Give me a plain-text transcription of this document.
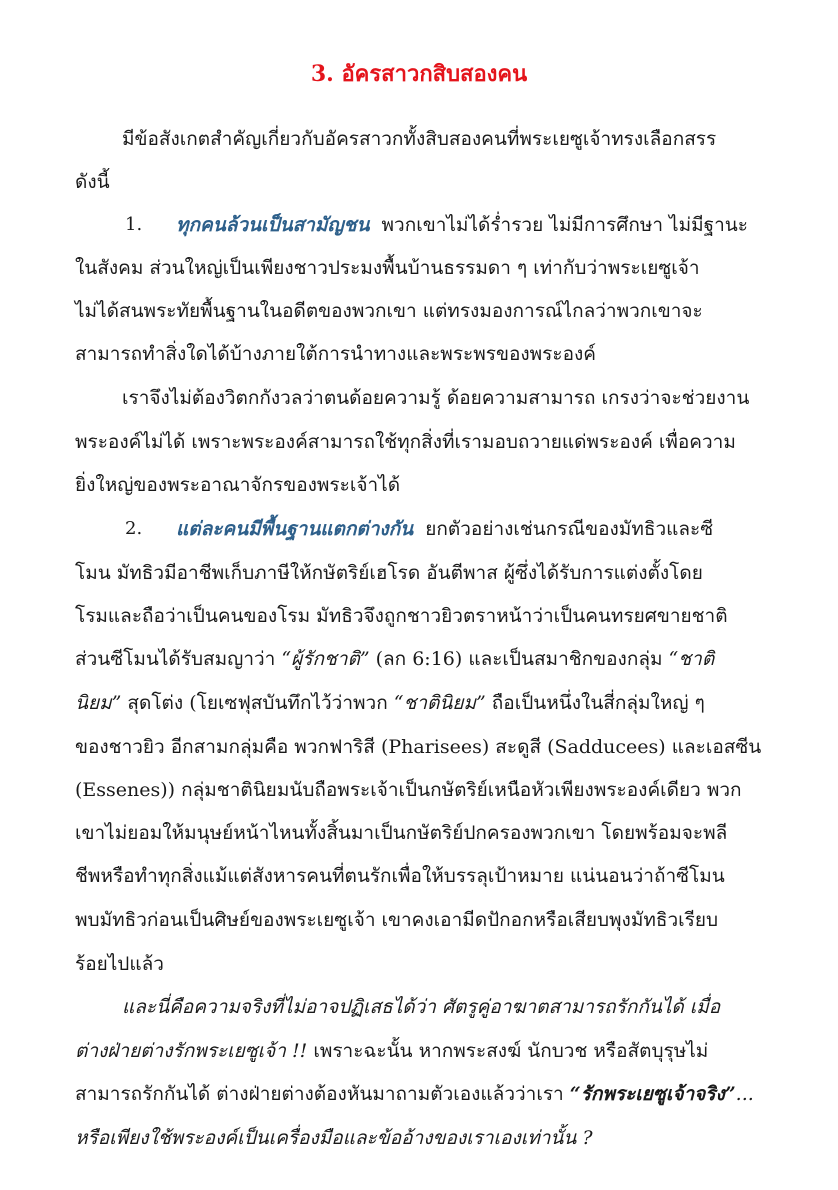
3. อัครสาวกสิบสองคน
มีข้อสังเกตสำคัญเกี่ยวกับอัครสาวกทั้งสิบสองคนที่พระเยซูเจ้าทรงเลือกสรร
ดังนี้
1. ทุกคนล้วนเป็นสามัญชน พวกเขาไม่ได้ร่ำรวย ไม่มีการศึกษา ไม่มีฐานะ
ในสังคม ส่วนใหญ่เป็นเพียงชาวประมงพื้นบ้านธรรมดา ๆ เท่ากับว่าพระเยซูเจ้า
ไม่ได้สนพระทัยพื้นฐานในอดีตของพวกเขา แต่ทรงมองการณ์ไกลว่าพวกเขาจะ
สามารถทำสิ่งใดได้บ้างภายใต้การนำทางและพระพรของพระองค์
เราจึงไม่ต้องวิตกกังวลว่าตนด้อยความรู้ ด้อยความสามารถ เกรงว่าจะช่วยงาน
พระองค์ไม่ได้ เพราะพระองค์สามารถใช้ทุกสิ่งที่เรามอบถวายแด่พระองค์ เพื่อความ
ยิ่งใหญ่ของพระอาณาจักรของพระเจ้าได้
2. แต่ละคนมีพื้นฐานแตกต่างกัน ยกตัวอย่างเช่นกรณีของมัทธิวและซี
โมน มัทธิวมีอาชีพเก็บภาษีให้กษัตริย์เฮโรด อันตีพาส ผู้ซึ่งได้รับการแต่งตั้งโดย
โรมและถือว่าเป็นคนของโรม มัทธิวจึงถูกชาวยิวตราหน้าว่าเป็นคนทรยศขายชาติ
ส่วนซีโมนได้รับสมญาว่า “ผู้รักชาติ” (ลก 6:16) และเป็นสมาชิกของกลุ่ม “ชาติ
นิยม” สุดโต่ง (โยเซฟุสบันทึกไว้ว่าพวก “ชาตินิยม” ถือเป็นหนึ่งในสี่กลุ่มใหญ่ ๆ
ของชาวยิว อีกสามกลุ่มคือ พวกฟาริสี (Pharisees) สะดูสี (Sadducees) และเอสซีน
(Essenes)) กลุ่มชาตินิยมนับถือพระเจ้าเป็นกษัตริย์เหนือหัวเพียงพระองค์เดียว พวก
เขาไม่ยอมให้มนุษย์หน้าไหนทั้งสิ้นมาเป็นกษัตริย์ปกครองพวกเขา โดยพร้อมจะพลี
ชีพหรือทำทุกสิ่งแม้แต่สังหารคนที่ตนรักเพื่อให้บรรลุเป้าหมาย แน่นอนว่าถ้าซีโมน
พบมัทธิวก่อนเป็นศิษย์ของพระเยซูเจ้า เขาคงเอามีดปักอกหรือเสียบพุงมัทธิวเรียบ
ร้อยไปแล้ว
และนี่คือความจริงที่ไม่อาจปฏิเสธได้ว่า ศัตรูคู่อาฆาตสามารถรักกันได้ เมื่อ
ต่างฝ่ายต่างรักพระเยซูเจ้า !! เพราะฉะนั้น หากพระสงฆ์ นักบวช หรือสัตบุรุษไม่
สามารถรักกันได้ ต่างฝ่ายต่างต้องหันมาถามตัวเองแล้วว่าเรา “รักพระเยซูเจ้าจริง”...
หรือเพียงใช้พระองค์เป็นเครื่องมือและข้ออ้างของเราเองเท่านั้น ?
